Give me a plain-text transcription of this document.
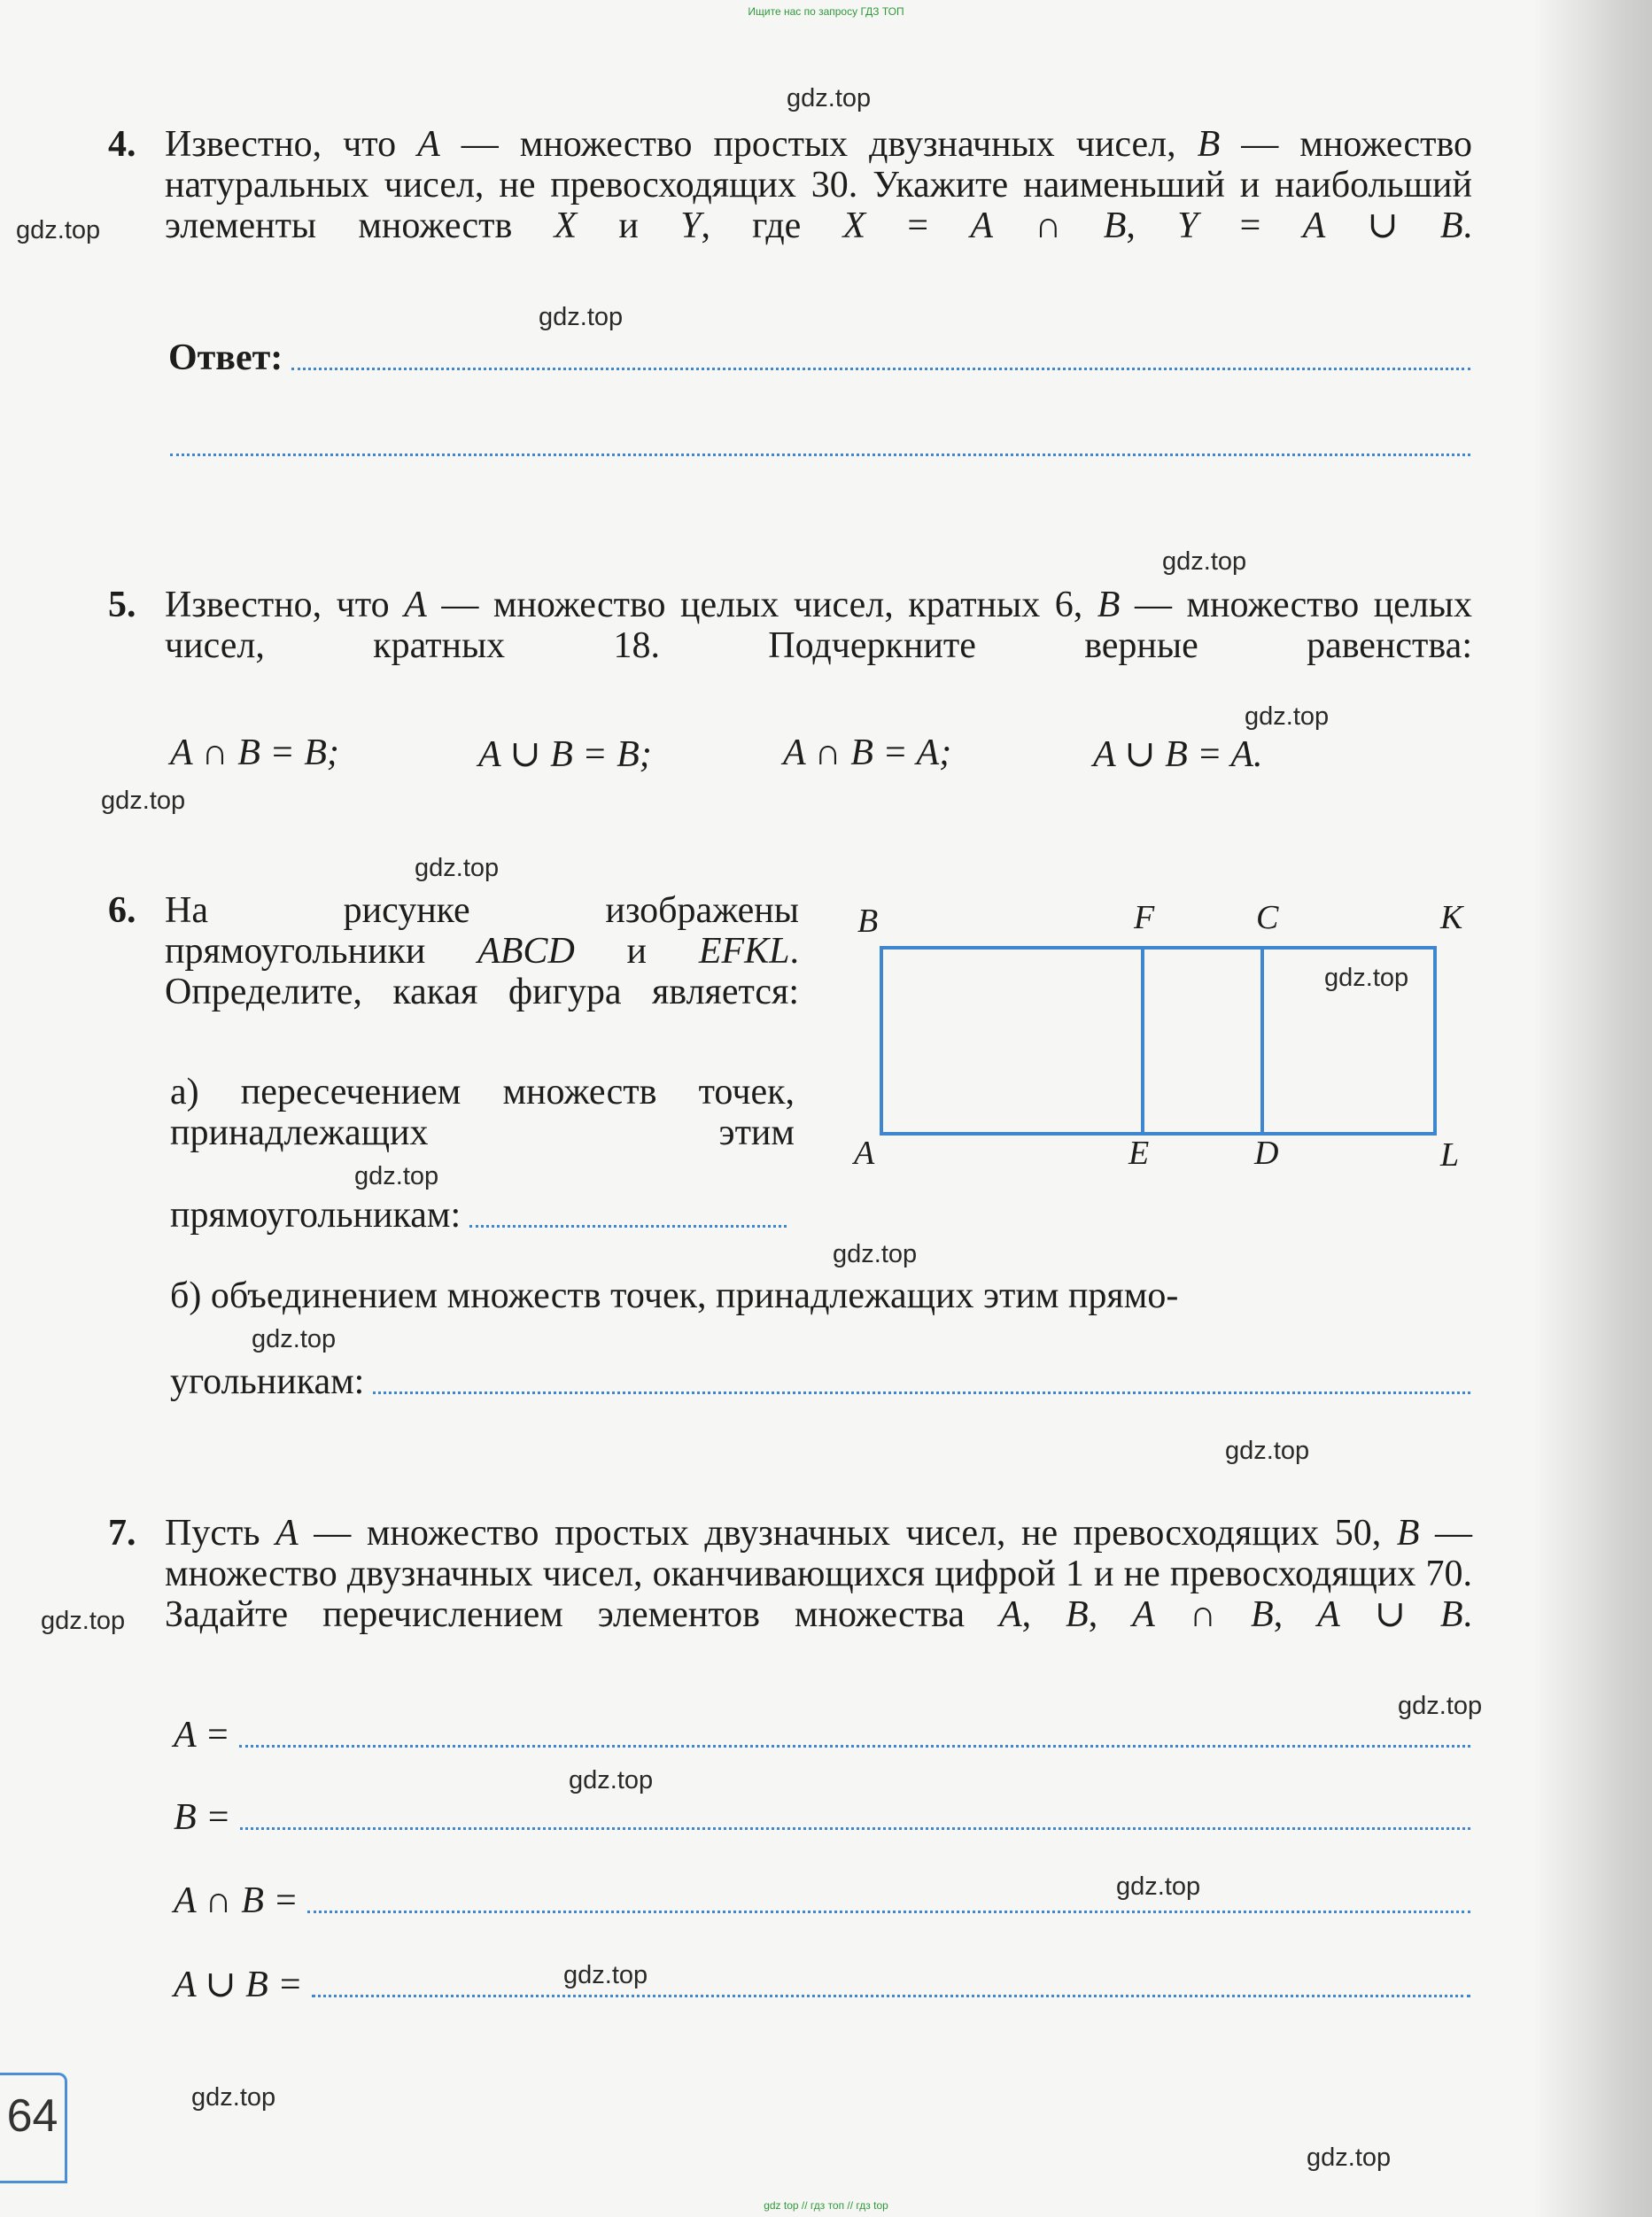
Ищите нас по запросу ГДЗ ТОП
gdz.top
gdz.top
gdz.top
gdz.top
gdz.top
gdz.top
gdz.top
gdz.top
gdz.top
gdz.top
gdz.top
gdz.top
gdz.top
gdz.top
gdz.top
gdz.top
gdz.top
gdz.top
gdz.top
4. Известно, что A — множество простых двузначных чисел, B — множество натуральных чисел, не превосходящих 30. Укажите наименьший и наибольший элементы множеств X и Y, где X = A ∩ B, Y = A ∪ B.
Ответ:
5. Известно, что A — множество целых чисел, кратных 6, B — множество целых чисел, кратных 18. Подчеркните верные равенства:
A ∩ B = B;	A ∪ B = B;	A ∩ B = A;	A ∪ B = A.
6. На рисунке изображены прямоугольники ABCD и EFKL. Определите, какая фигура является:
а) пересечением множеств точек, принадлежащих этим
прямоугольникам:
б) объединением множеств точек, принадлежащих этим прямо-
угольникам:
B	F	C	K
A	E	D	L
7. Пусть A — множество простых двузначных чисел, не превосходящих 50, B — множество двузначных чисел, оканчивающихся цифрой 1 и не превосходящих 70. Задайте перечислением элементов множества A, B, A ∩ B, A ∪ B.
A =
B =
A ∩ B =
A ∪ B =
64
gdz top // гдз топ // гдз top
